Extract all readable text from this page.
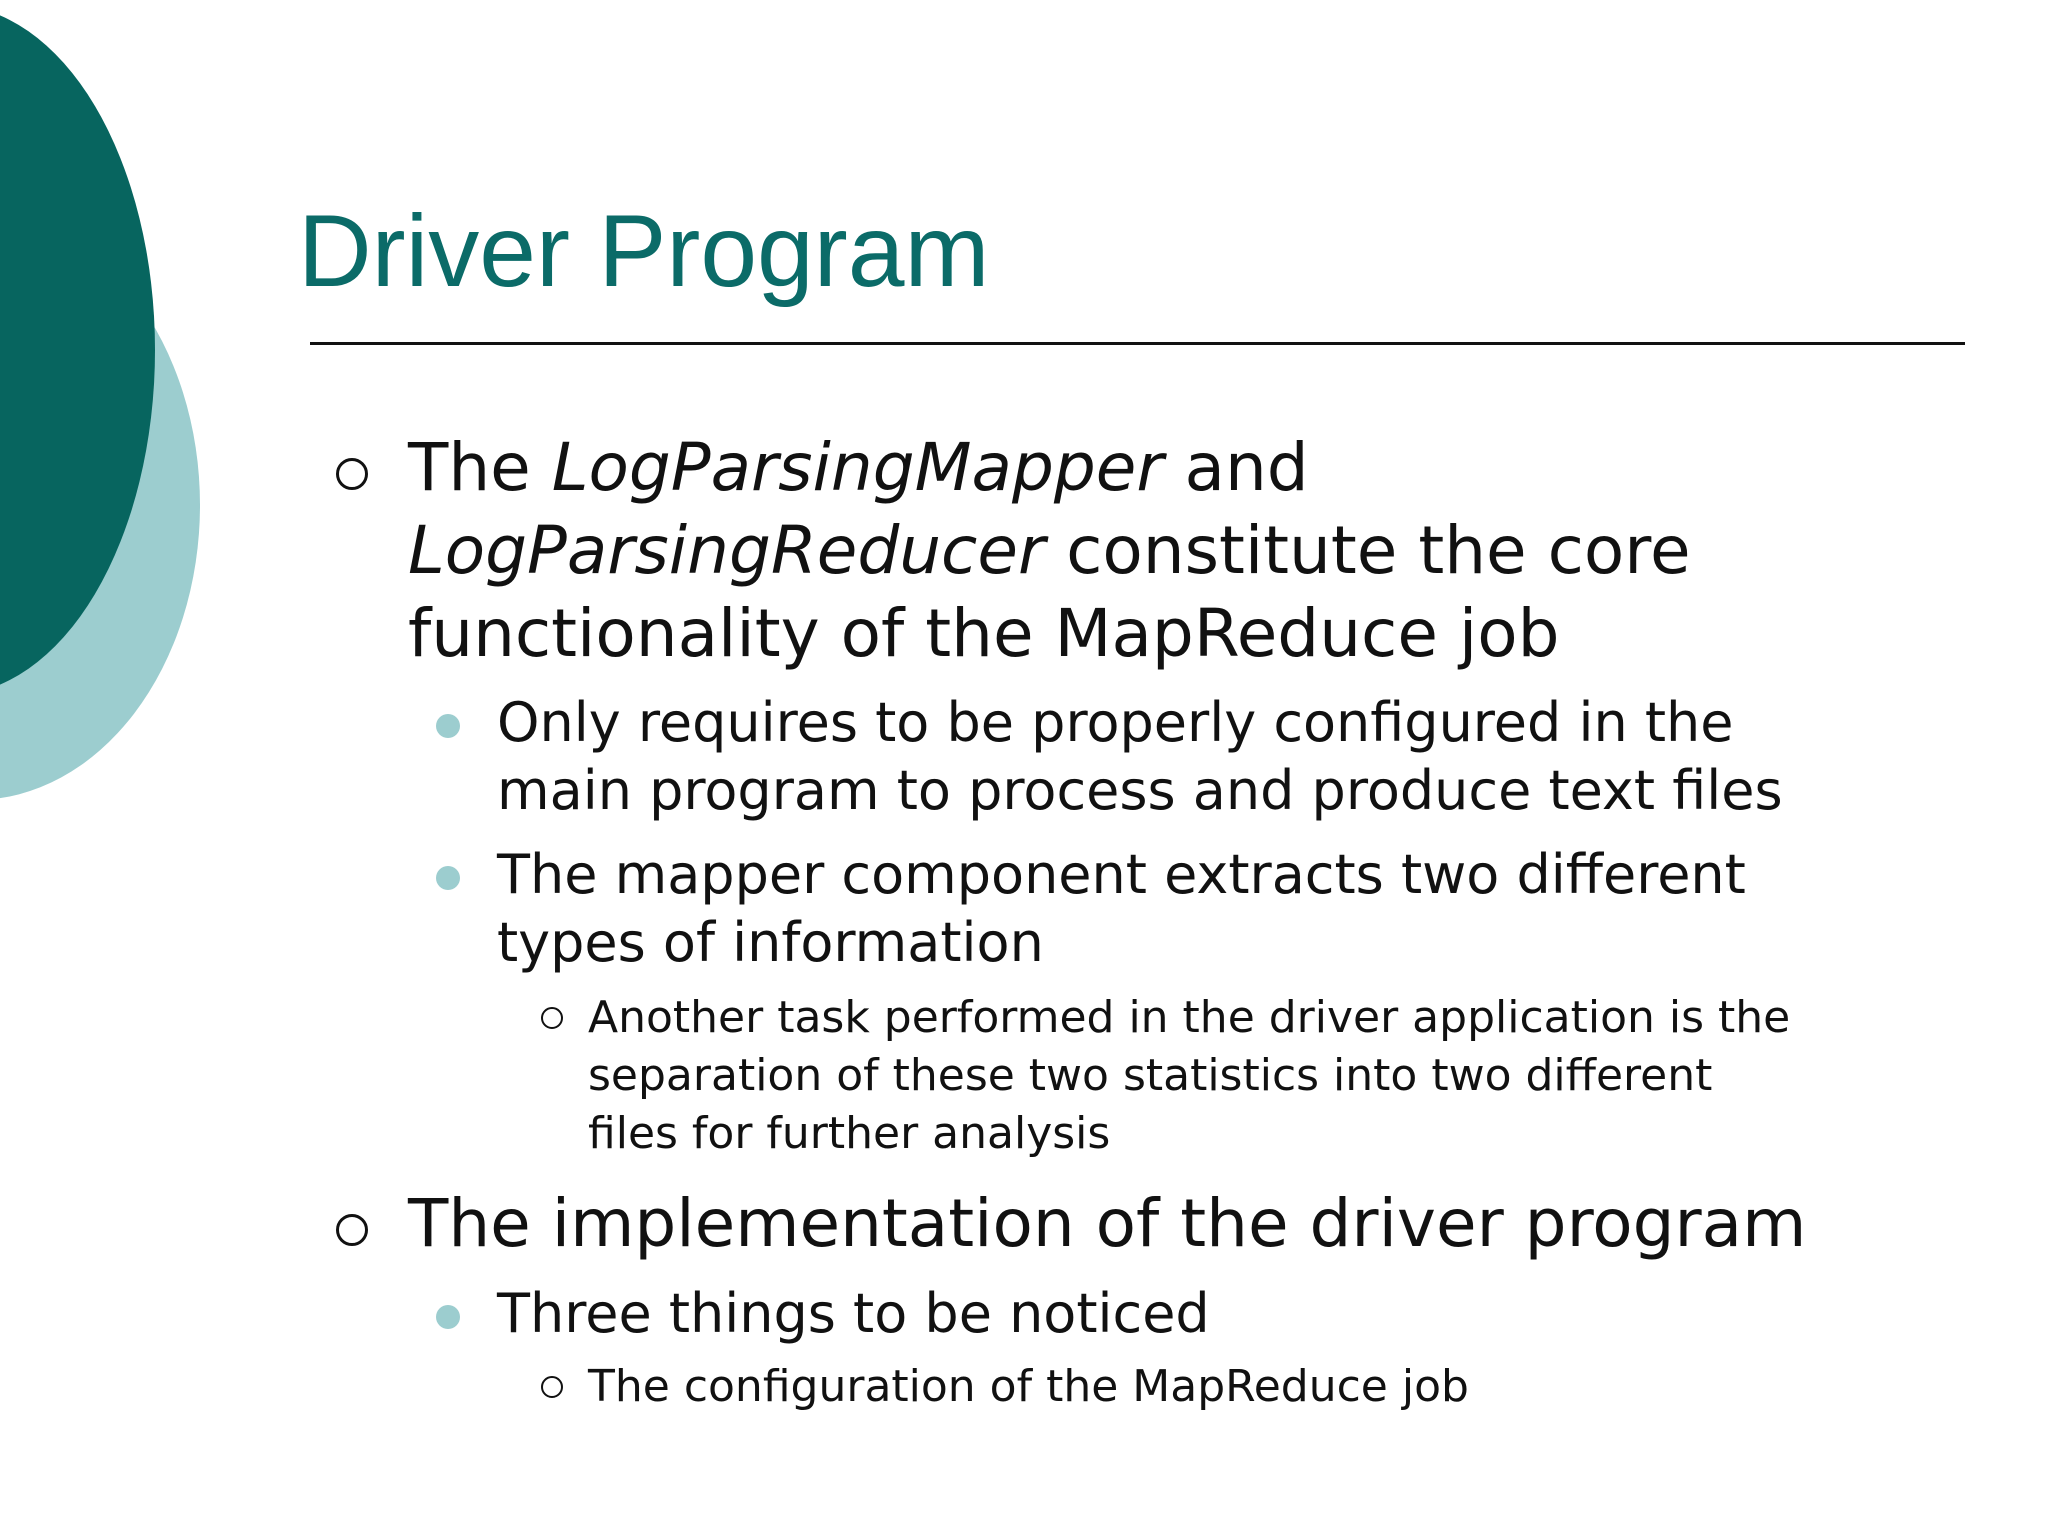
Driver Program

The LogParsingMapper and
LogParsingReducer constitute the core
functionality of the MapReduce job

Only requires to be properly configured in the
main program to process and produce text files

The mapper component extracts two different
types of information

Another task performed in the driver application is the
separation of these two statistics into two different
files for further analysis

The implementation of the driver program

Three things to be noticed

The configuration of the MapReduce job
